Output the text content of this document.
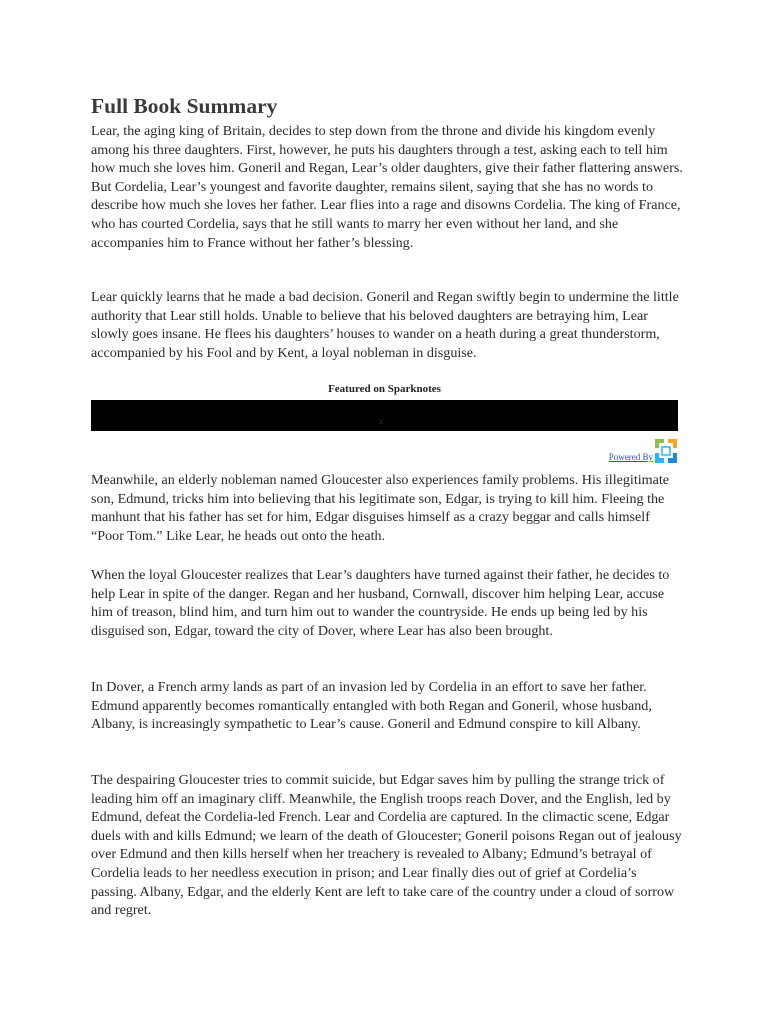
Full Book Summary

Lear, the aging king of Britain, decides to step down from the throne and divide his kingdom evenly among his three daughters. First, however, he puts his daughters through a test, asking each to tell him how much she loves him. Goneril and Regan, Lear’s older daughters, give their father flattering answers. But Cordelia, Lear’s youngest and favorite daughter, remains silent, saying that she has no words to describe how much she loves her father. Lear flies into a rage and disowns Cordelia. The king of France, who has courted Cordelia, says that he still wants to marry her even without her land, and she accompanies him to France without her father’s blessing.

Lear quickly learns that he made a bad decision. Goneril and Regan swiftly begin to undermine the little authority that Lear still holds. Unable to believe that his beloved daughters are betraying him, Lear slowly goes insane. He flees his daughters’ houses to wander on a heath during a great thunderstorm, accompanied by his Fool and by Kent, a loyal nobleman in disguise.

Featured on Sparknotes
x
Powered By

Meanwhile, an elderly nobleman named Gloucester also experiences family problems. His illegitimate son, Edmund, tricks him into believing that his legitimate son, Edgar, is trying to kill him. Fleeing the manhunt that his father has set for him, Edgar disguises himself as a crazy beggar and calls himself “Poor Tom.” Like Lear, he heads out onto the heath.

When the loyal Gloucester realizes that Lear’s daughters have turned against their father, he decides to help Lear in spite of the danger. Regan and her husband, Cornwall, discover him helping Lear, accuse him of treason, blind him, and turn him out to wander the countryside. He ends up being led by his disguised son, Edgar, toward the city of Dover, where Lear has also been brought.

In Dover, a French army lands as part of an invasion led by Cordelia in an effort to save her father. Edmund apparently becomes romantically entangled with both Regan and Goneril, whose husband, Albany, is increasingly sympathetic to Lear’s cause. Goneril and Edmund conspire to kill Albany.

The despairing Gloucester tries to commit suicide, but Edgar saves him by pulling the strange trick of leading him off an imaginary cliff. Meanwhile, the English troops reach Dover, and the English, led by Edmund, defeat the Cordelia-led French. Lear and Cordelia are captured. In the climactic scene, Edgar duels with and kills Edmund; we learn of the death of Gloucester; Goneril poisons Regan out of jealousy over Edmund and then kills herself when her treachery is revealed to Albany; Edmund’s betrayal of Cordelia leads to her needless execution in prison; and Lear finally dies out of grief at Cordelia’s passing. Albany, Edgar, and the elderly Kent are left to take care of the country under a cloud of sorrow and regret.
